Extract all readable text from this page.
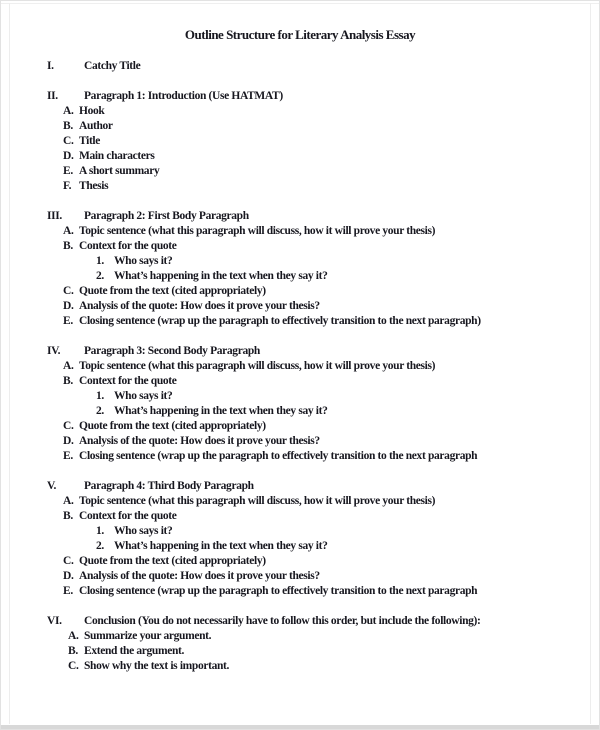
Outline Structure for Literary Analysis Essay
I.	Catchy Title
II.	Paragraph 1: Introduction (Use HATMAT)
A. Hook
B. Author
C. Title
D. Main characters
E. A short summary
F. Thesis
III.	Paragraph 2: First Body Paragraph
A. Topic sentence (what this paragraph will discuss, how it will prove your thesis)
B. Context for the quote
1. Who says it?
2. What’s happening in the text when they say it?
C. Quote from the text (cited appropriately)
D. Analysis of the quote: How does it prove your thesis?
E. Closing sentence (wrap up the paragraph to effectively transition to the next paragraph)
IV.	Paragraph 3: Second Body Paragraph
A. Topic sentence (what this paragraph will discuss, how it will prove your thesis)
B. Context for the quote
1. Who says it?
2. What’s happening in the text when they say it?
C. Quote from the text (cited appropriately)
D. Analysis of the quote: How does it prove your thesis?
E. Closing sentence (wrap up the paragraph to effectively transition to the next paragraph
V.	Paragraph 4: Third Body Paragraph
A. Topic sentence (what this paragraph will discuss, how it will prove your thesis)
B. Context for the quote
1. Who says it?
2. What’s happening in the text when they say it?
C. Quote from the text (cited appropriately)
D. Analysis of the quote: How does it prove your thesis?
E. Closing sentence (wrap up the paragraph to effectively transition to the next paragraph
VI.	Conclusion (You do not necessarily have to follow this order, but include the following):
A. Summarize your argument.
B. Extend the argument.
C. Show why the text is important.
